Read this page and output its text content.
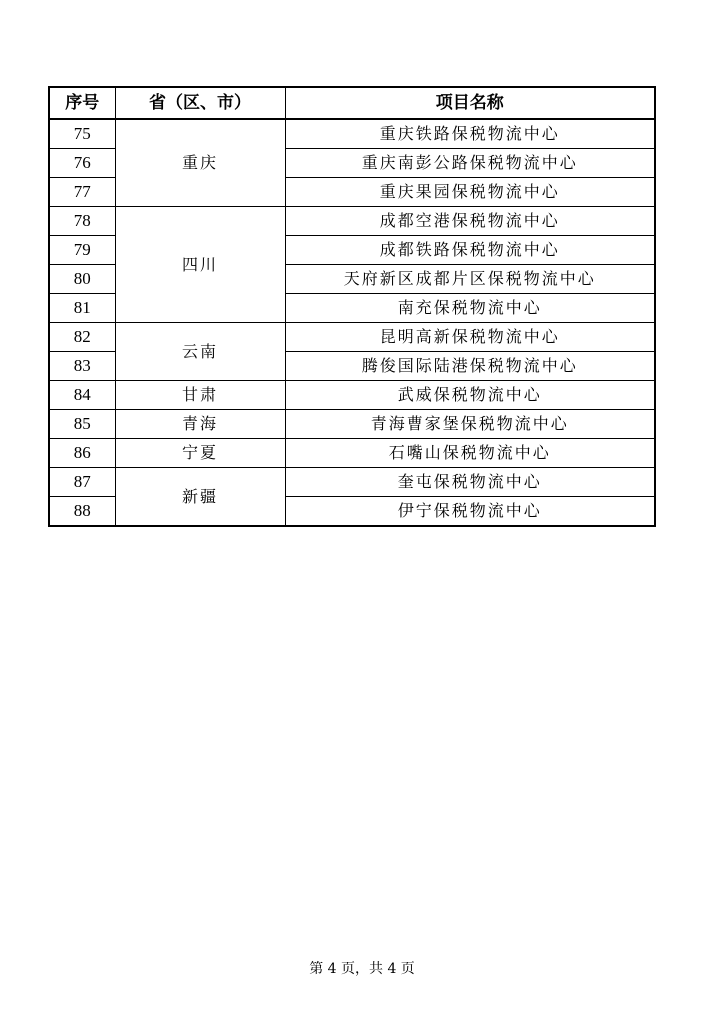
序号	省（区、市）	项目名称
75	重庆	重庆铁路保税物流中心
76		重庆南彭公路保税物流中心
77		重庆果园保税物流中心
78	四川	成都空港保税物流中心
79		成都铁路保税物流中心
80		天府新区成都片区保税物流中心
81		南充保税物流中心
82	云南	昆明高新保税物流中心
83		腾俊国际陆港保税物流中心
84	甘肃	武威保税物流中心
85	青海	青海曹家堡保税物流中心
86	宁夏	石嘴山保税物流中心
87	新疆	奎屯保税物流中心
88		伊宁保税物流中心
第 4 页，共 4 页
